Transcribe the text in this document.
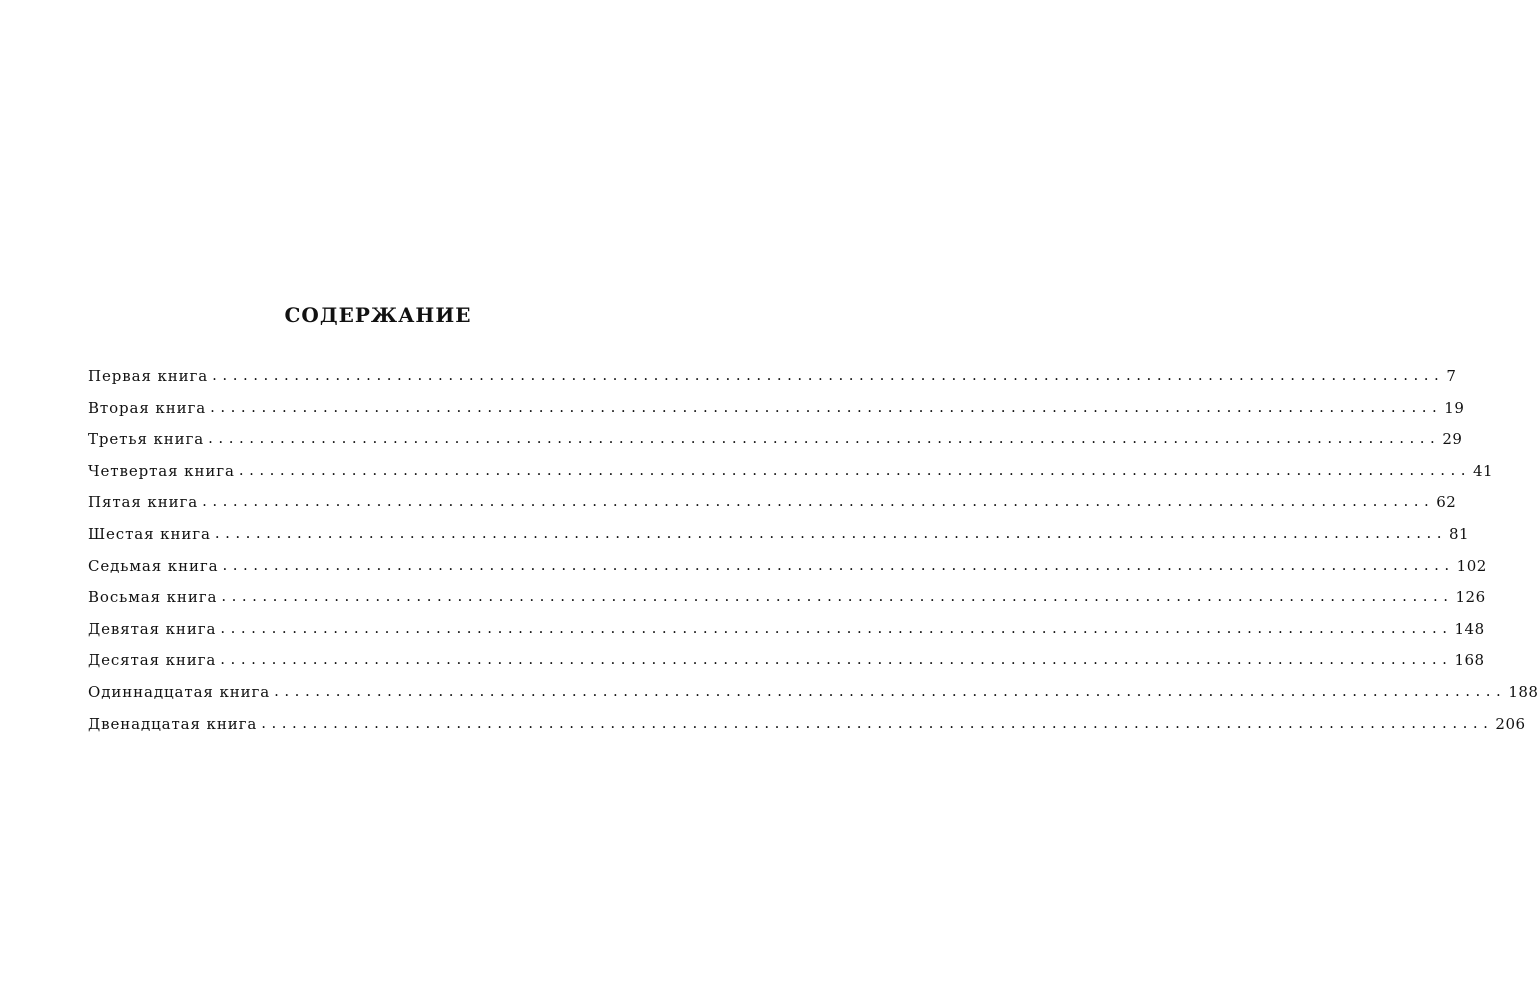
СОДЕРЖАНИЕ
Первая книга ........................................................................................................................ 7
Вторая книга ........................................................................................................................ 19
Третья книга ........................................................................................................................ 29
Четвертая книга ........................................................................................................................ 41
Пятая книга ........................................................................................................................ 62
Шестая книга ........................................................................................................................ 81
Седьмая книга ........................................................................................................................ 102
Восьмая книга ........................................................................................................................ 126
Девятая книга ........................................................................................................................ 148
Десятая книга ........................................................................................................................ 168
Одиннадцатая книга ........................................................................................................................ 188
Двенадцатая книга ........................................................................................................................ 206
